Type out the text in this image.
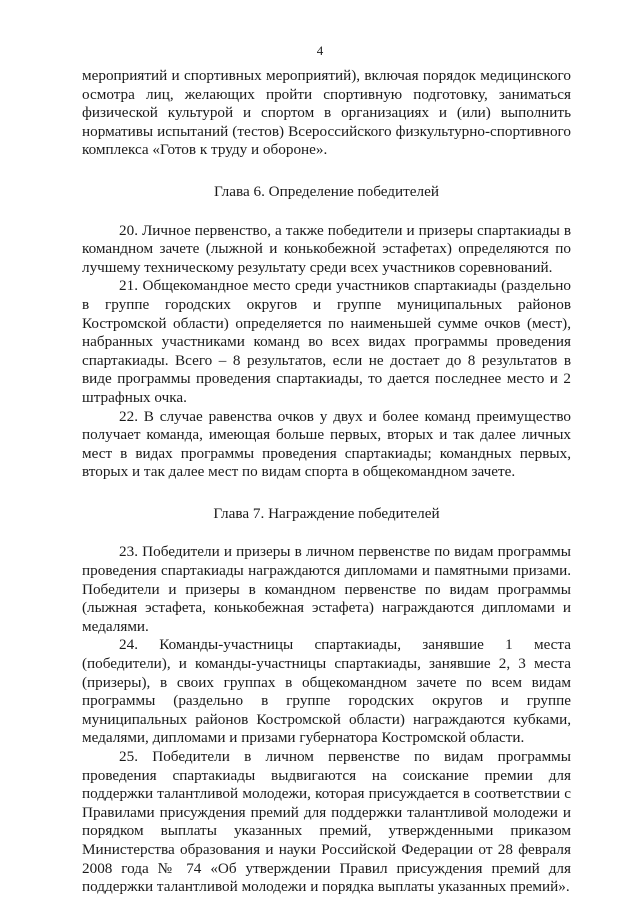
4

мероприятий и спортивных мероприятий), включая порядок медицинского осмотра лиц, желающих пройти спортивную подготовку, заниматься физической культурой и спортом в организациях и (или) выполнить нормативы испытаний (тестов) Всероссийского физкультурно-спортивного комплекса «Готов к труду и обороне».

Глава 6. Определение победителей

20. Личное первенство, а также победители и призеры спартакиады в командном зачете (лыжной и конькобежной эстафетах) определяются по лучшему техническому результату среди всех участников соревнований.

21. Общекомандное место среди участников спартакиады (раздельно в группе городских округов и группе муниципальных районов Костромской области) определяется по наименьшей сумме очков (мест), набранных участниками команд во всех видах программы проведения спартакиады. Всего – 8 результатов, если не достает до 8 результатов в виде программы проведения спартакиады, то дается последнее место и 2 штрафных очка.

22. В случае равенства очков у двух и более команд преимущество получает команда, имеющая больше первых, вторых и так далее личных мест в видах программы проведения спартакиады; командных первых, вторых и так далее мест по видам спорта в общекомандном зачете.

Глава 7. Награждение победителей

23. Победители и призеры в личном первенстве по видам программы проведения спартакиады награждаются дипломами и памятными призами. Победители и призеры в командном первенстве по видам программы (лыжная эстафета, конькобежная эстафета) награждаются дипломами и медалями.

24. Команды-участницы спартакиады, занявшие 1 места (победители), и команды-участницы спартакиады, занявшие 2, 3 места (призеры), в своих группах в общекомандном зачете по всем видам программы (раздельно в группе городских округов и группе муниципальных районов Костромской области) награждаются кубками, медалями, дипломами и призами губернатора Костромской области.

25. Победители в личном первенстве по видам программы проведения спартакиады выдвигаются на соискание премии для поддержки талантливой молодежи, которая присуждается в соответствии с Правилами присуждения премий для поддержки талантливой молодежи и порядком выплаты указанных премий, утвержденными приказом Министерства образования и науки Российской Федерации от 28 февраля 2008 года № 74 «Об утверждении Правил присуждения премий для поддержки талантливой молодежи и порядка выплаты указанных премий».
